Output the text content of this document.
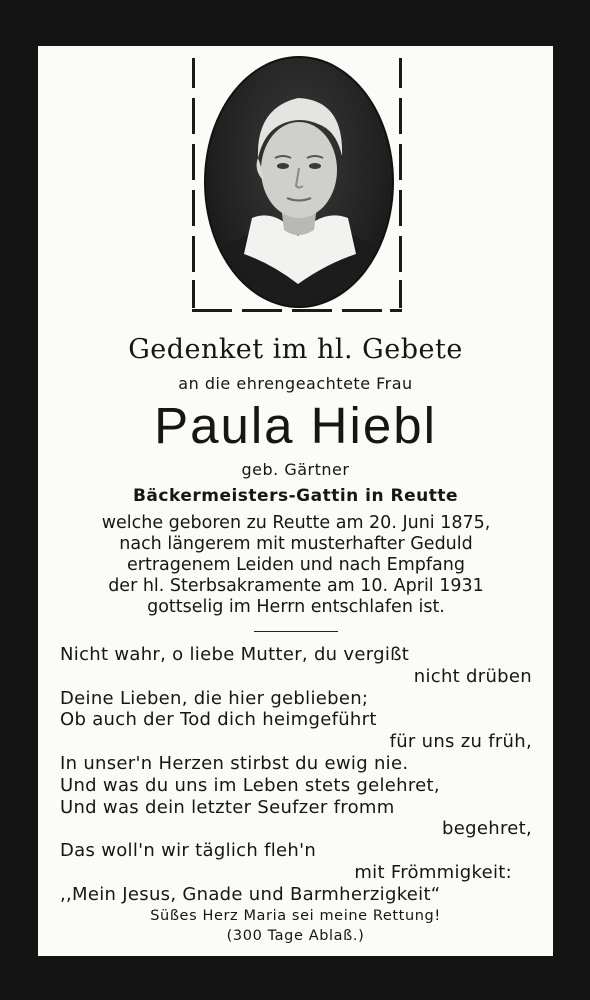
Gedenket im hl. Gebete
an die ehrengeachtete Frau
Paula Hiebl
geb. Gärtner
Bäckermeisters-Gattin in Reutte
welche geboren zu Reutte am 20. Juni 1875,
nach längerem mit musterhafter Geduld
ertragenem Leiden und nach Empfang
der hl. Sterbsakramente am 10. April 1931
gottselig im Herrn entschlafen ist.
Nicht wahr, o liebe Mutter, du vergißt
nicht drüben
Deine Lieben, die hier geblieben;
Ob auch der Tod dich heimgeführt
für uns zu früh,
In unser'n Herzen stirbst du ewig nie.
Und was du uns im Leben stets gelehret,
Und was dein letzter Seufzer fromm
begehret,
Das woll'n wir täglich fleh'n
mit Frömmigkeit:
,,Mein Jesus, Gnade und Barmherzigkeit“
Süßes Herz Maria sei meine Rettung!
(300 Tage Ablaß.)
